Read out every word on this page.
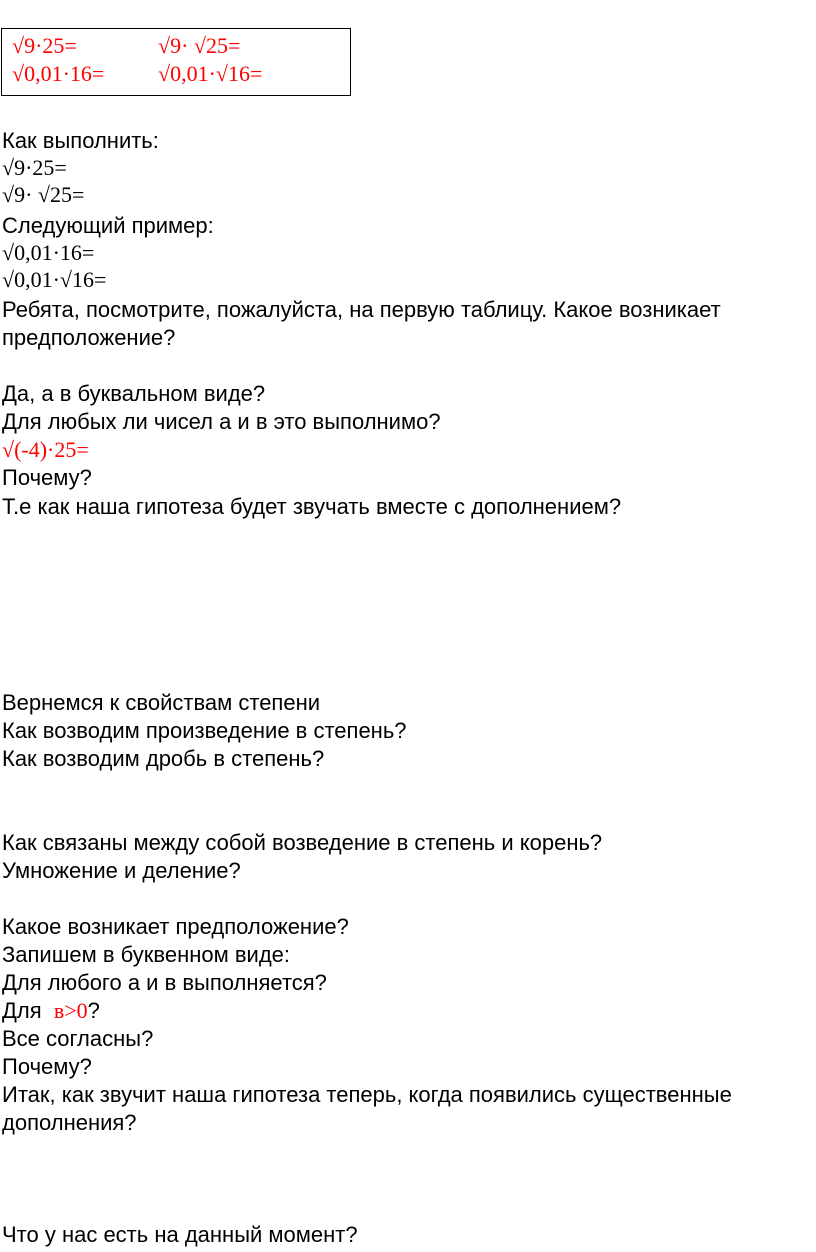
√9·25=	√9· √25=
√0,01·16= √0,01·√16=
Как выполнить:
√9·25=
√9· √25=
Следующий пример:
√0,01·16=
√0,01·√16=
Ребята, посмотрите, пожалуйста, на первую таблицу. Какое возникает
предположение?
Да, а в буквальном виде?
Для любых ли чисел а и в это выполнимо?
√(-4)·25=
Почему?
Т.е как наша гипотеза будет звучать вместе с дополнением?
Вернемся к свойствам степени
Как возводим произведение в степень?
Как возводим дробь в степень?
Как связаны между собой возведение в степень и корень?
Умножение и деление?
Какое возникает предположение?
Запишем в буквенном виде:
Для любого а и в выполняется?
Для  в>0?
Все согласны?
Почему?
Итак, как звучит наша гипотеза теперь, когда появились существенные
дополнения?
Что у нас есть на данный момент?
